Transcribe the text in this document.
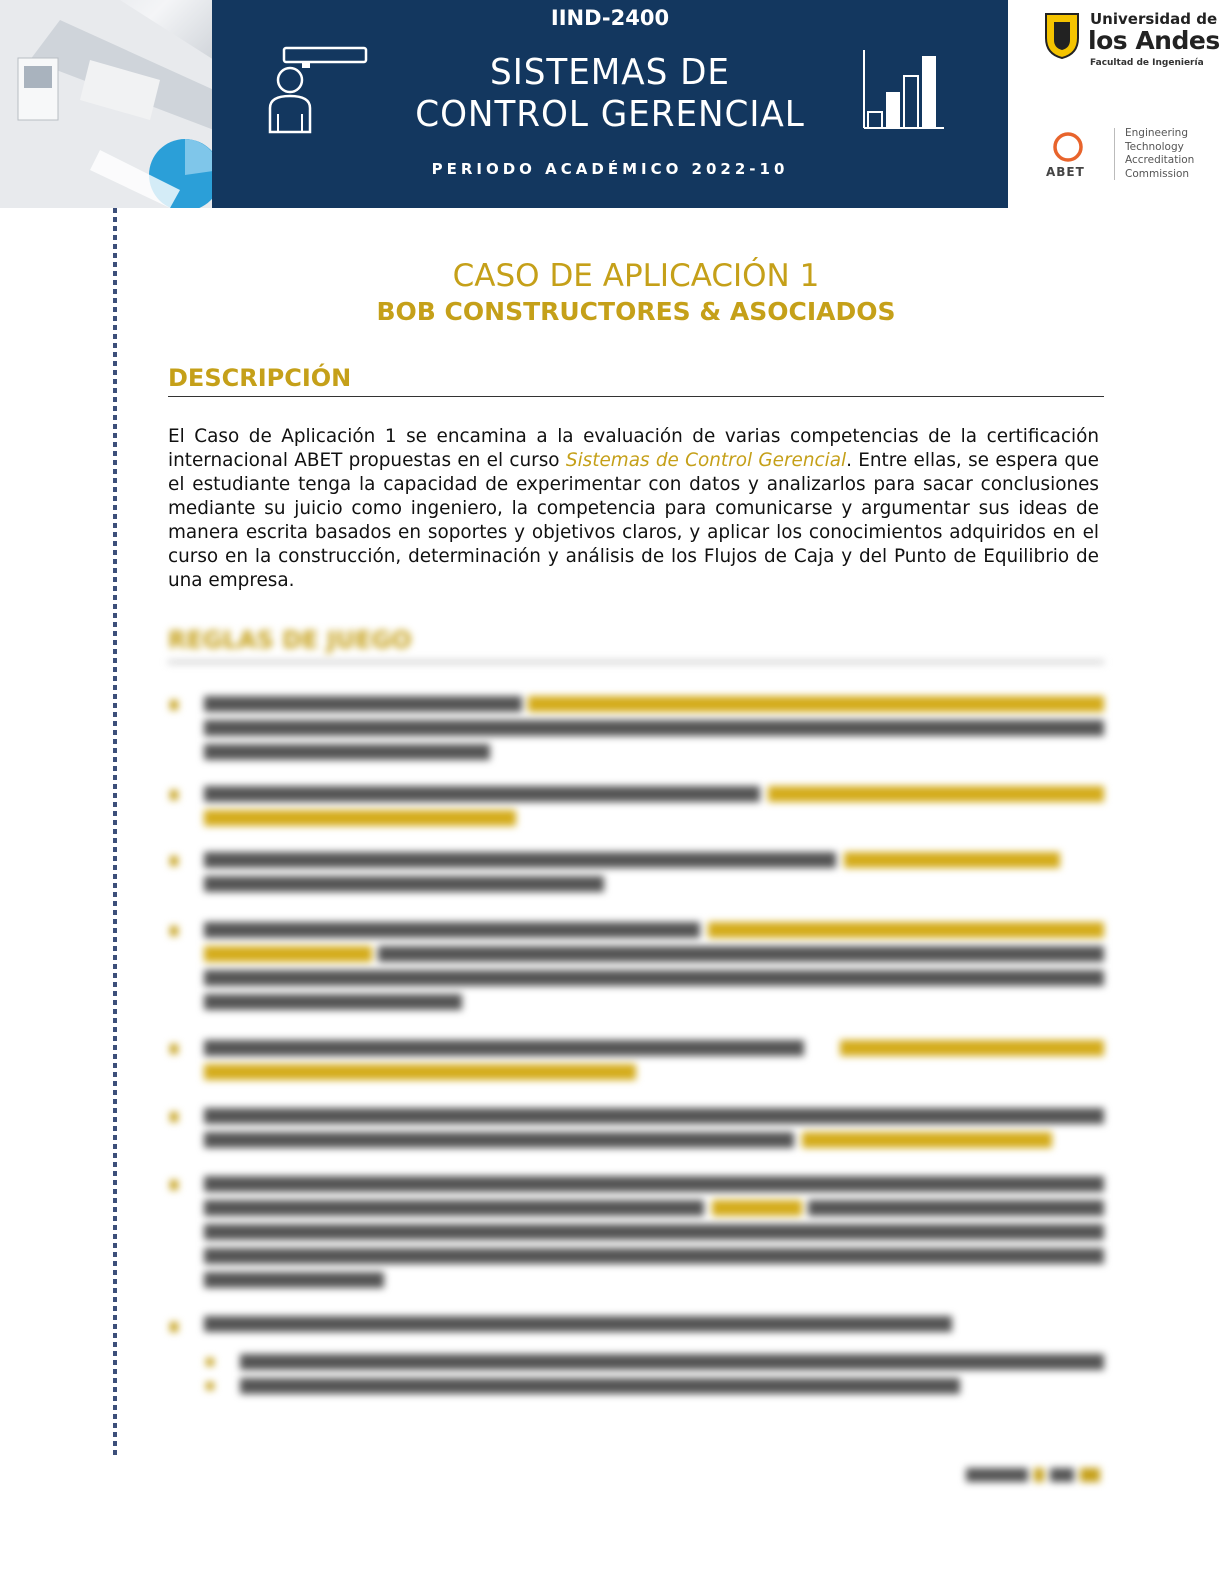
IIND-2400
SISTEMAS DE
CONTROL GERENCIAL
PERIODO ACADÉMICO 2022-10
Universidad de
los Andes
Facultad de Ingeniería
ABET
Engineering
Technology
Accreditation
Commission
CASO DE APLICACIÓN 1
BOB CONSTRUCTORES & ASOCIADOS
DESCRIPCIÓN
El Caso de Aplicación 1 se encamina a la evaluación de varias competencias de la certificación internacional ABET propuestas en el curso Sistemas de Control Gerencial. Entre ellas, se espera que el estudiante tenga la capacidad de experimentar con datos y analizarlos para sacar conclusiones mediante su juicio como ingeniero, la competencia para comunicarse y argumentar sus ideas de manera escrita basados en soportes y objetivos claros, y aplicar los conocimientos adquiridos en el curso en la construcción, determinación y análisis de los Flujos de Caja y del Punto de Equilibrio de una empresa.
REGLAS DE JUEGO
